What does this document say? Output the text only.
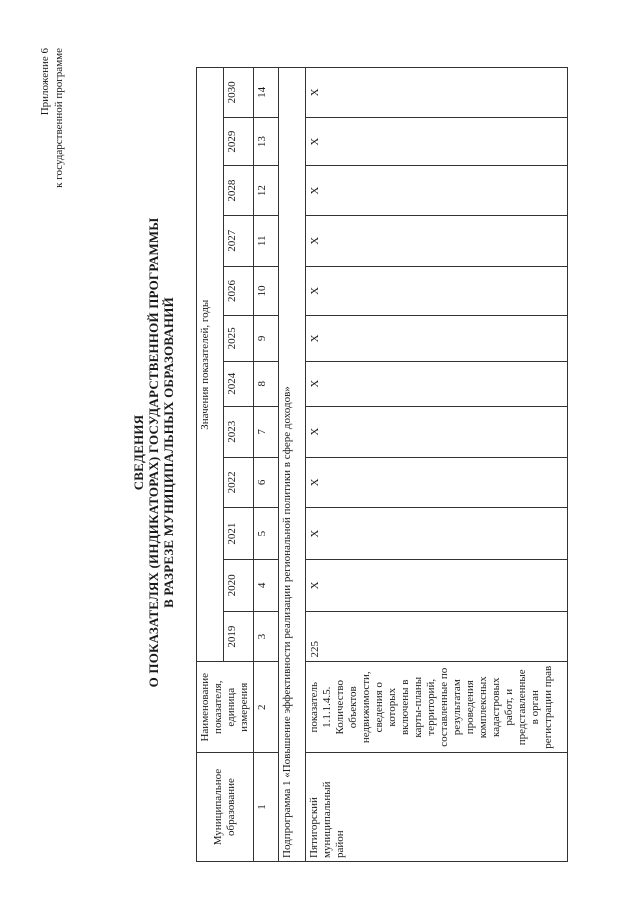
Приложение 6 к государственной программе
СВЕДЕНИЯ О ПОКАЗАТЕЛЯХ (ИНДИКАТОРАХ) ГОСУДАРСТВЕННОЙ ПРОГРАММЫ В РАЗРЕЗЕ МУНИЦИПАЛЬНЫХ ОБРАЗОВАНИЙ
Муниципальное образование	Наименование показателя, единица измерения	Значения показателей, годы											
		2019	2020	2021	2022	2023	2024	2025	2026	2027	2028	2029	2030
1	2	3	4	5	6	7	8	9	10	11	12	13	14
Подпрограмма 1 «Повышение эффективности реализации региональной политики в сфере доходов»													
Пятигорский муниципальный район	показатель 1.1.1.4.5. Количество объектов недвижимости, сведения о которых включены в карты-планы территорий, составленные по результатам проведения комплексных кадастровых работ, и представленные в орган регистрации прав	225	Х	Х	Х	Х	Х	Х	Х	Х	Х	Х	Х
